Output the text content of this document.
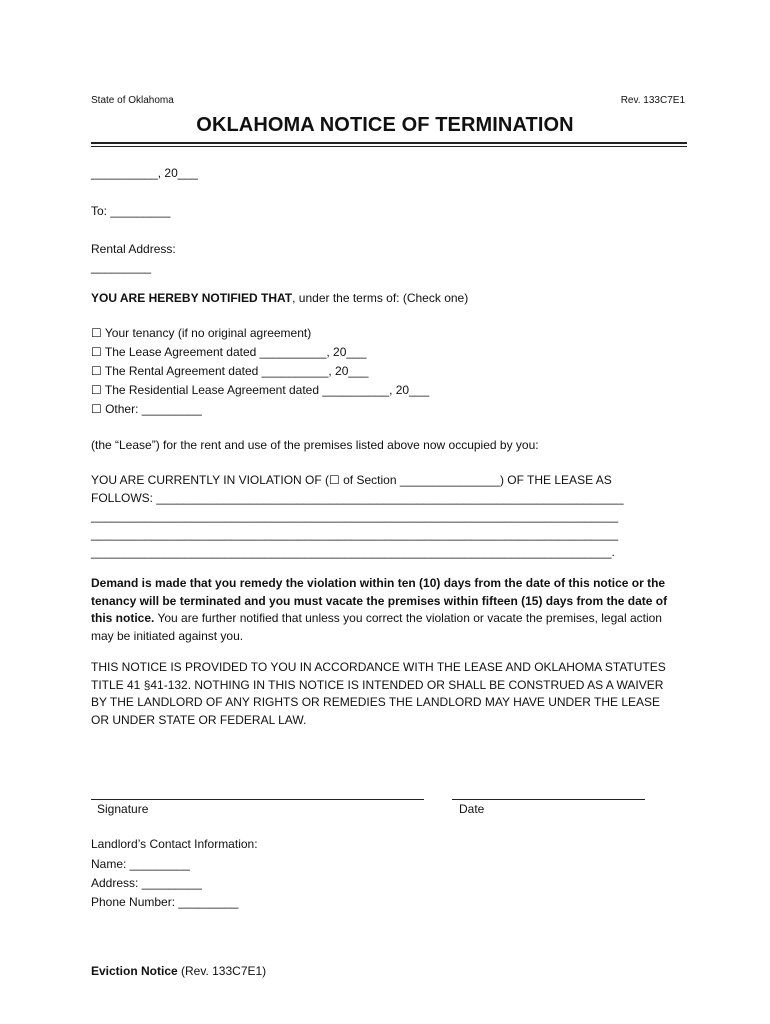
State of Oklahoma	Rev. 133C7E1
OKLAHOMA NOTICE OF TERMINATION
__________, 20___
To: _________
Rental Address:
_________
YOU ARE HEREBY NOTIFIED THAT, under the terms of: (Check one)
☐ Your tenancy (if no original agreement)
☐ The Lease Agreement dated __________, 20___
☐ The Rental Agreement dated __________, 20___
☐ The Residential Lease Agreement dated __________, 20___
☐ Other: _________
(the “Lease”) for the rent and use of the premises listed above now occupied by you:
YOU ARE CURRENTLY IN VIOLATION OF (☐ of Section _______________) OF THE LEASE AS
FOLLOWS: ______________________________________________________________________
_______________________________________________________________________________
_______________________________________________________________________________
______________________________________________________________________________.
Demand is made that you remedy the violation within ten (10) days from the date of this notice or the tenancy will be terminated and you must vacate the premises within fifteen (15) days from the date of this notice. You are further notified that unless you correct the violation or vacate the premises, legal action may be initiated against you.
THIS NOTICE IS PROVIDED TO YOU IN ACCORDANCE WITH THE LEASE AND OKLAHOMA STATUTES TITLE 41 §41-132. NOTHING IN THIS NOTICE IS INTENDED OR SHALL BE CONSTRUED AS A WAIVER BY THE LANDLORD OF ANY RIGHTS OR REMEDIES THE LANDLORD MAY HAVE UNDER THE LEASE OR UNDER STATE OR FEDERAL LAW.
Signature	Date
Landlord’s Contact Information:
Name: _________
Address: _________
Phone Number: _________
Eviction Notice (Rev. 133C7E1)
